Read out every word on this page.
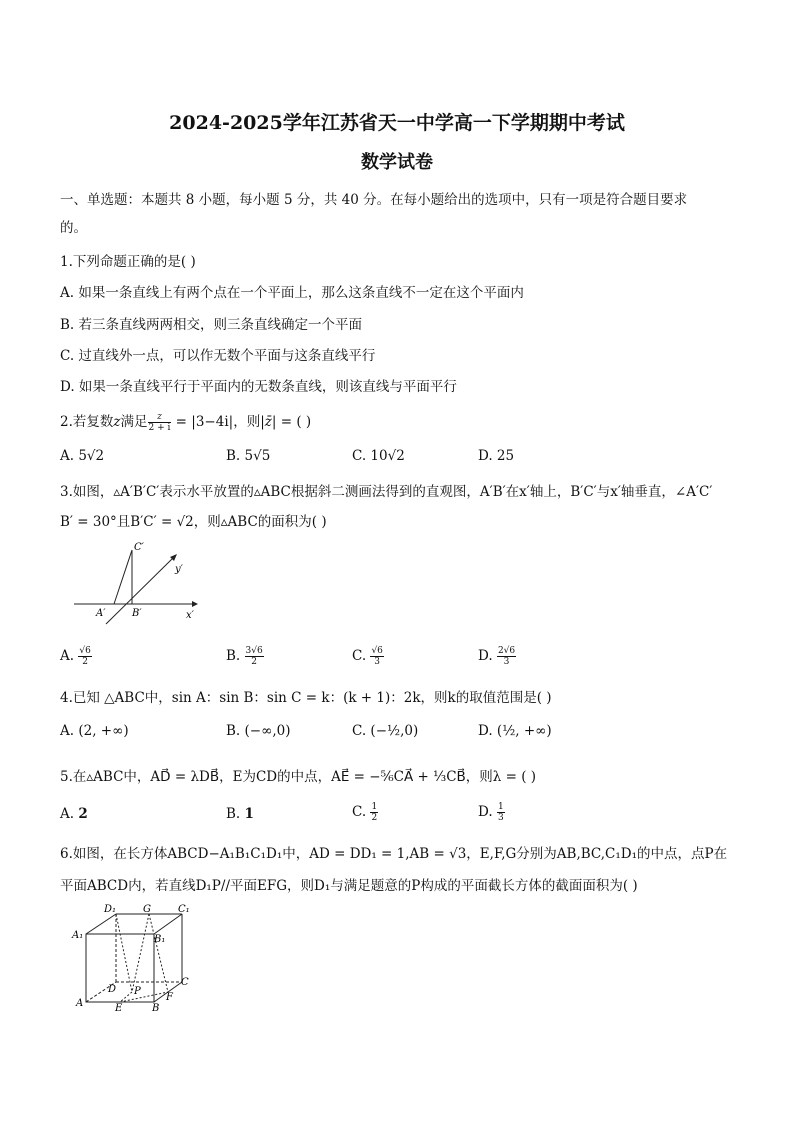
2024-2025学年江苏省天一中学高一下学期期中考试
数学试卷
一、单选题：本题共 8 小题，每小题 5 分，共 40 分。在每小题给出的选项中，只有一项是符合题目要求
的。
1.下列命题正确的是( )
A. 如果一条直线上有两个点在一个平面上，那么这条直线不一定在这个平面内
B. 若三条直线两两相交，则三条直线确定一个平面
C. 过直线外一点，可以作无数个平面与这条直线平行
D. 如果一条直线平行于平面内的无数条直线，则该直线与平面平行
2.若复数z满足 $\frac{z}{2 + i} = |3-4i|$，则|z̄| = ( )
A. 5√2	B. 5√5	C. 10√2	D. 25
3.如图，▵A′B′C′表示水平放置的▵ABC根据斜二测画法得到的直观图，A′B′在x′轴上，B′C′与x′轴垂直，∠A′C′
B′ = 30°且B′C′ = √2，则▵ABC的面积为( )
C′
y′
A′	B′	x′
A. $\frac{√6}{2}$	B. $\frac{3√6}{2}$	C. $\frac{√6}{3}$	D. $\frac{2√6}{3}$
4.已知 △ABC中，sin A：sin B：sin C = k：(k + 1)：2k，则k的取值范围是( )
A. (2, +∞)	B. (−∞,0)	C. (−½,0)	D. (½, +∞)
5.在▵ABC中，AD⃗ = λDB⃗，E为CD的中点，AE⃗ = −⅚CA⃗ + ⅓CB⃗，则λ = ( )
A. 2	B. 1	C. $\frac{1}{2}$	D. $\frac{1}{3}$
6.如图，在长方体ABCD−A₁B₁C₁D₁中，AD = DD₁ = 1,AB = √3，E,F,G分别为AB,BC,C₁D₁的中点，点P在
平面ABCD内，若直线D₁P//平面EFG，则D₁与满足题意的P构成的平面截长方体的截面面积为( )
D₁	G	C₁
A₁	B₁
D P
C
F
A	E	B
